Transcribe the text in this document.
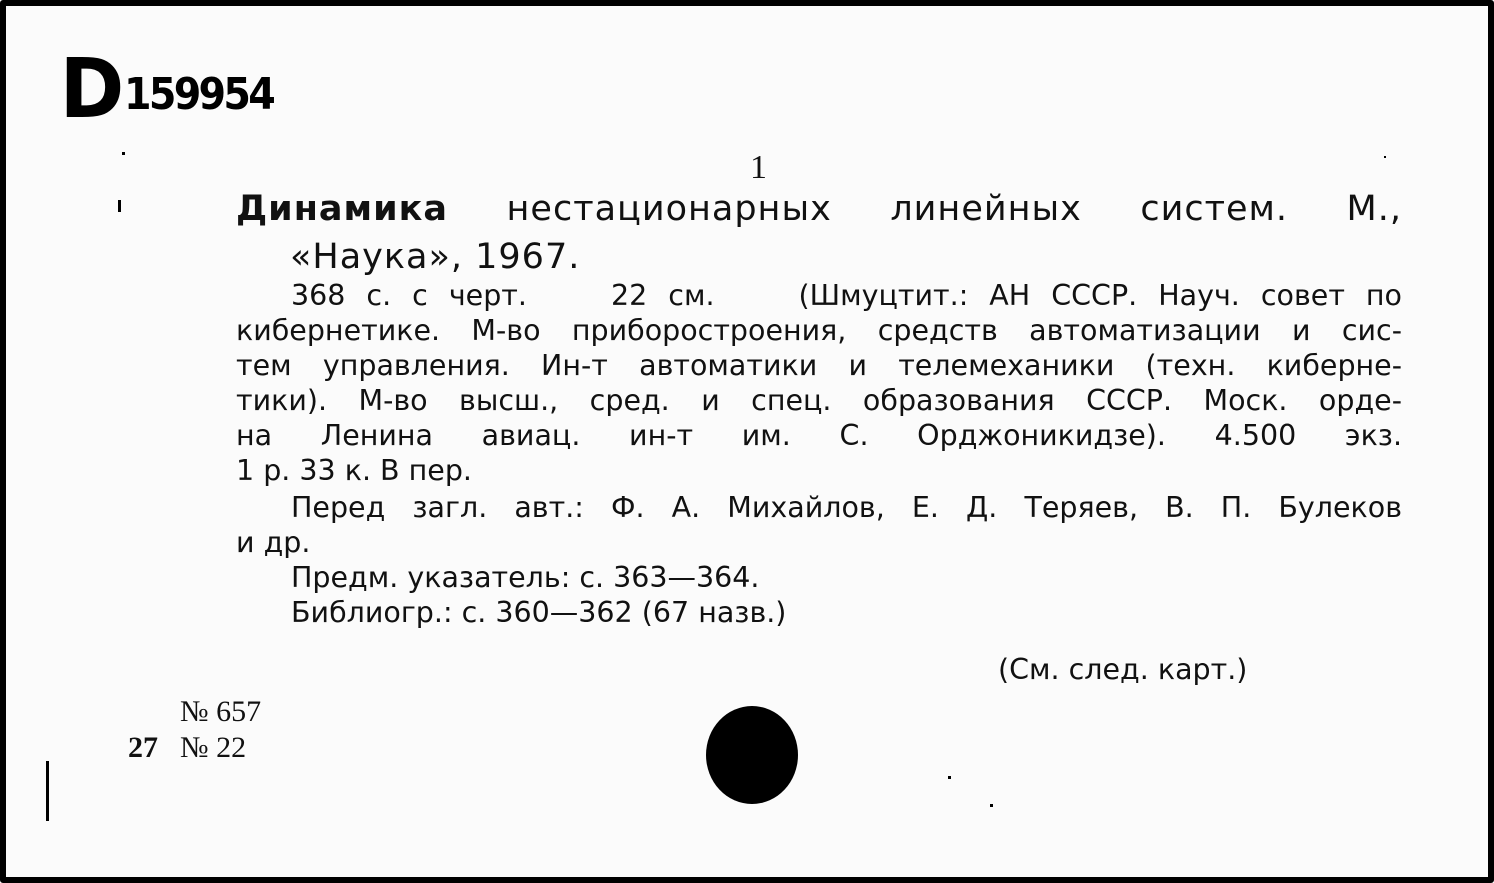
D 159954
1
Динамика нестационарных линейных систем. М.,
«Наука», 1967.
368 с. с черт.    22 см.    (Шмуцтит.: АН СССР. Науч. совет по
кибернетике. М-во приборостроения, средств автоматизации и сис-
тем управления. Ин-т автоматики и телемеханики (техн. киберне-
тики). М-во высш., сред. и спец. образования СССР. Моск. орде-
на Ленина авиац. ин-т им. С. Орджоникидзе). 4.500 экз.
1 р. 33 к. В пер.
Перед загл. авт.: Ф. А. Михайлов, Е. Д. Теряев, В. П. Булеков
и др.
Предм. указатель: с. 363—364.
Библиогр.: с. 360—362 (67 назв.)
(См. след. карт.)
№ 657
27 № 22
